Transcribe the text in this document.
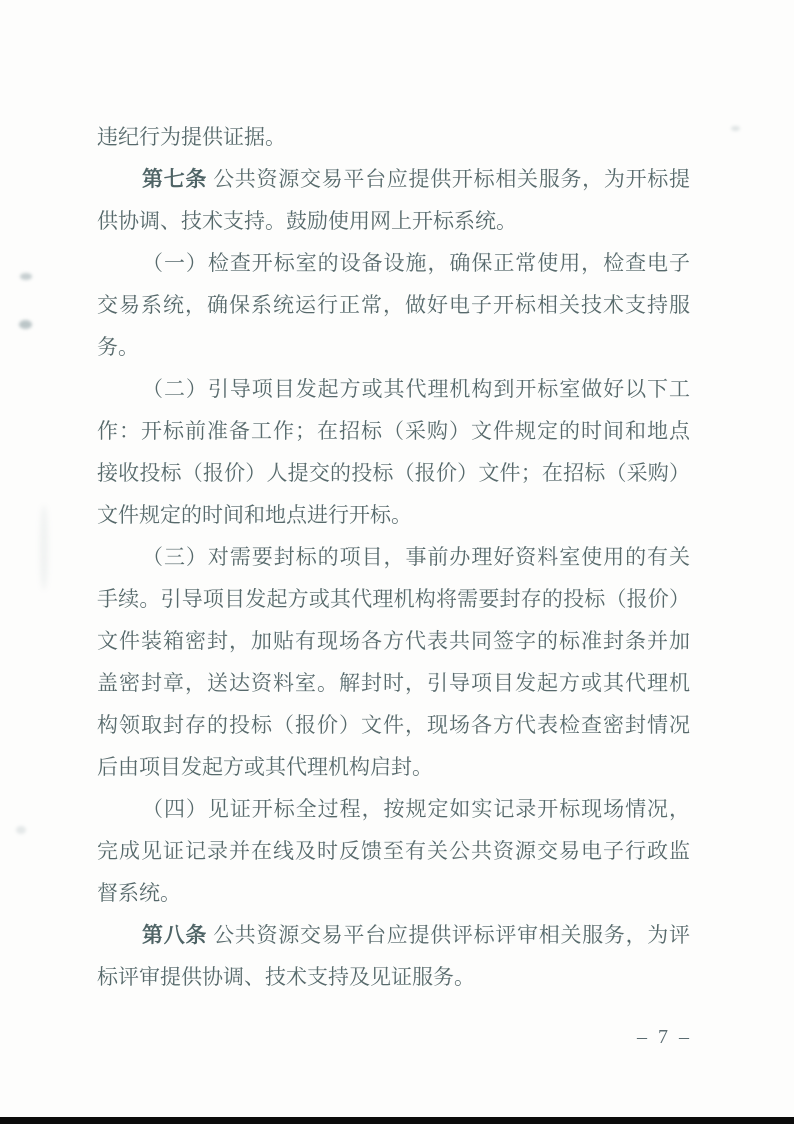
违纪行为提供证据。
第七条 公共资源交易平台应提供开标相关服务，为开标提
供协调、技术支持。鼓励使用网上开标系统。
（一）检查开标室的设备设施，确保正常使用，检查电子
交易系统，确保系统运行正常，做好电子开标相关技术支持服
务。
（二）引导项目发起方或其代理机构到开标室做好以下工
作：开标前准备工作；在招标（采购）文件规定的时间和地点
接收投标（报价）人提交的投标（报价）文件；在招标（采购）
文件规定的时间和地点进行开标。
（三）对需要封标的项目，事前办理好资料室使用的有关
手续。引导项目发起方或其代理机构将需要封存的投标（报价）
文件装箱密封，加贴有现场各方代表共同签字的标准封条并加
盖密封章，送达资料室。解封时，引导项目发起方或其代理机
构领取封存的投标（报价）文件，现场各方代表检查密封情况
后由项目发起方或其代理机构启封。
（四）见证开标全过程，按规定如实记录开标现场情况，
完成见证记录并在线及时反馈至有关公共资源交易电子行政监
督系统。
第八条 公共资源交易平台应提供评标评审相关服务，为评
标评审提供协调、技术支持及见证服务。
– 7 –
